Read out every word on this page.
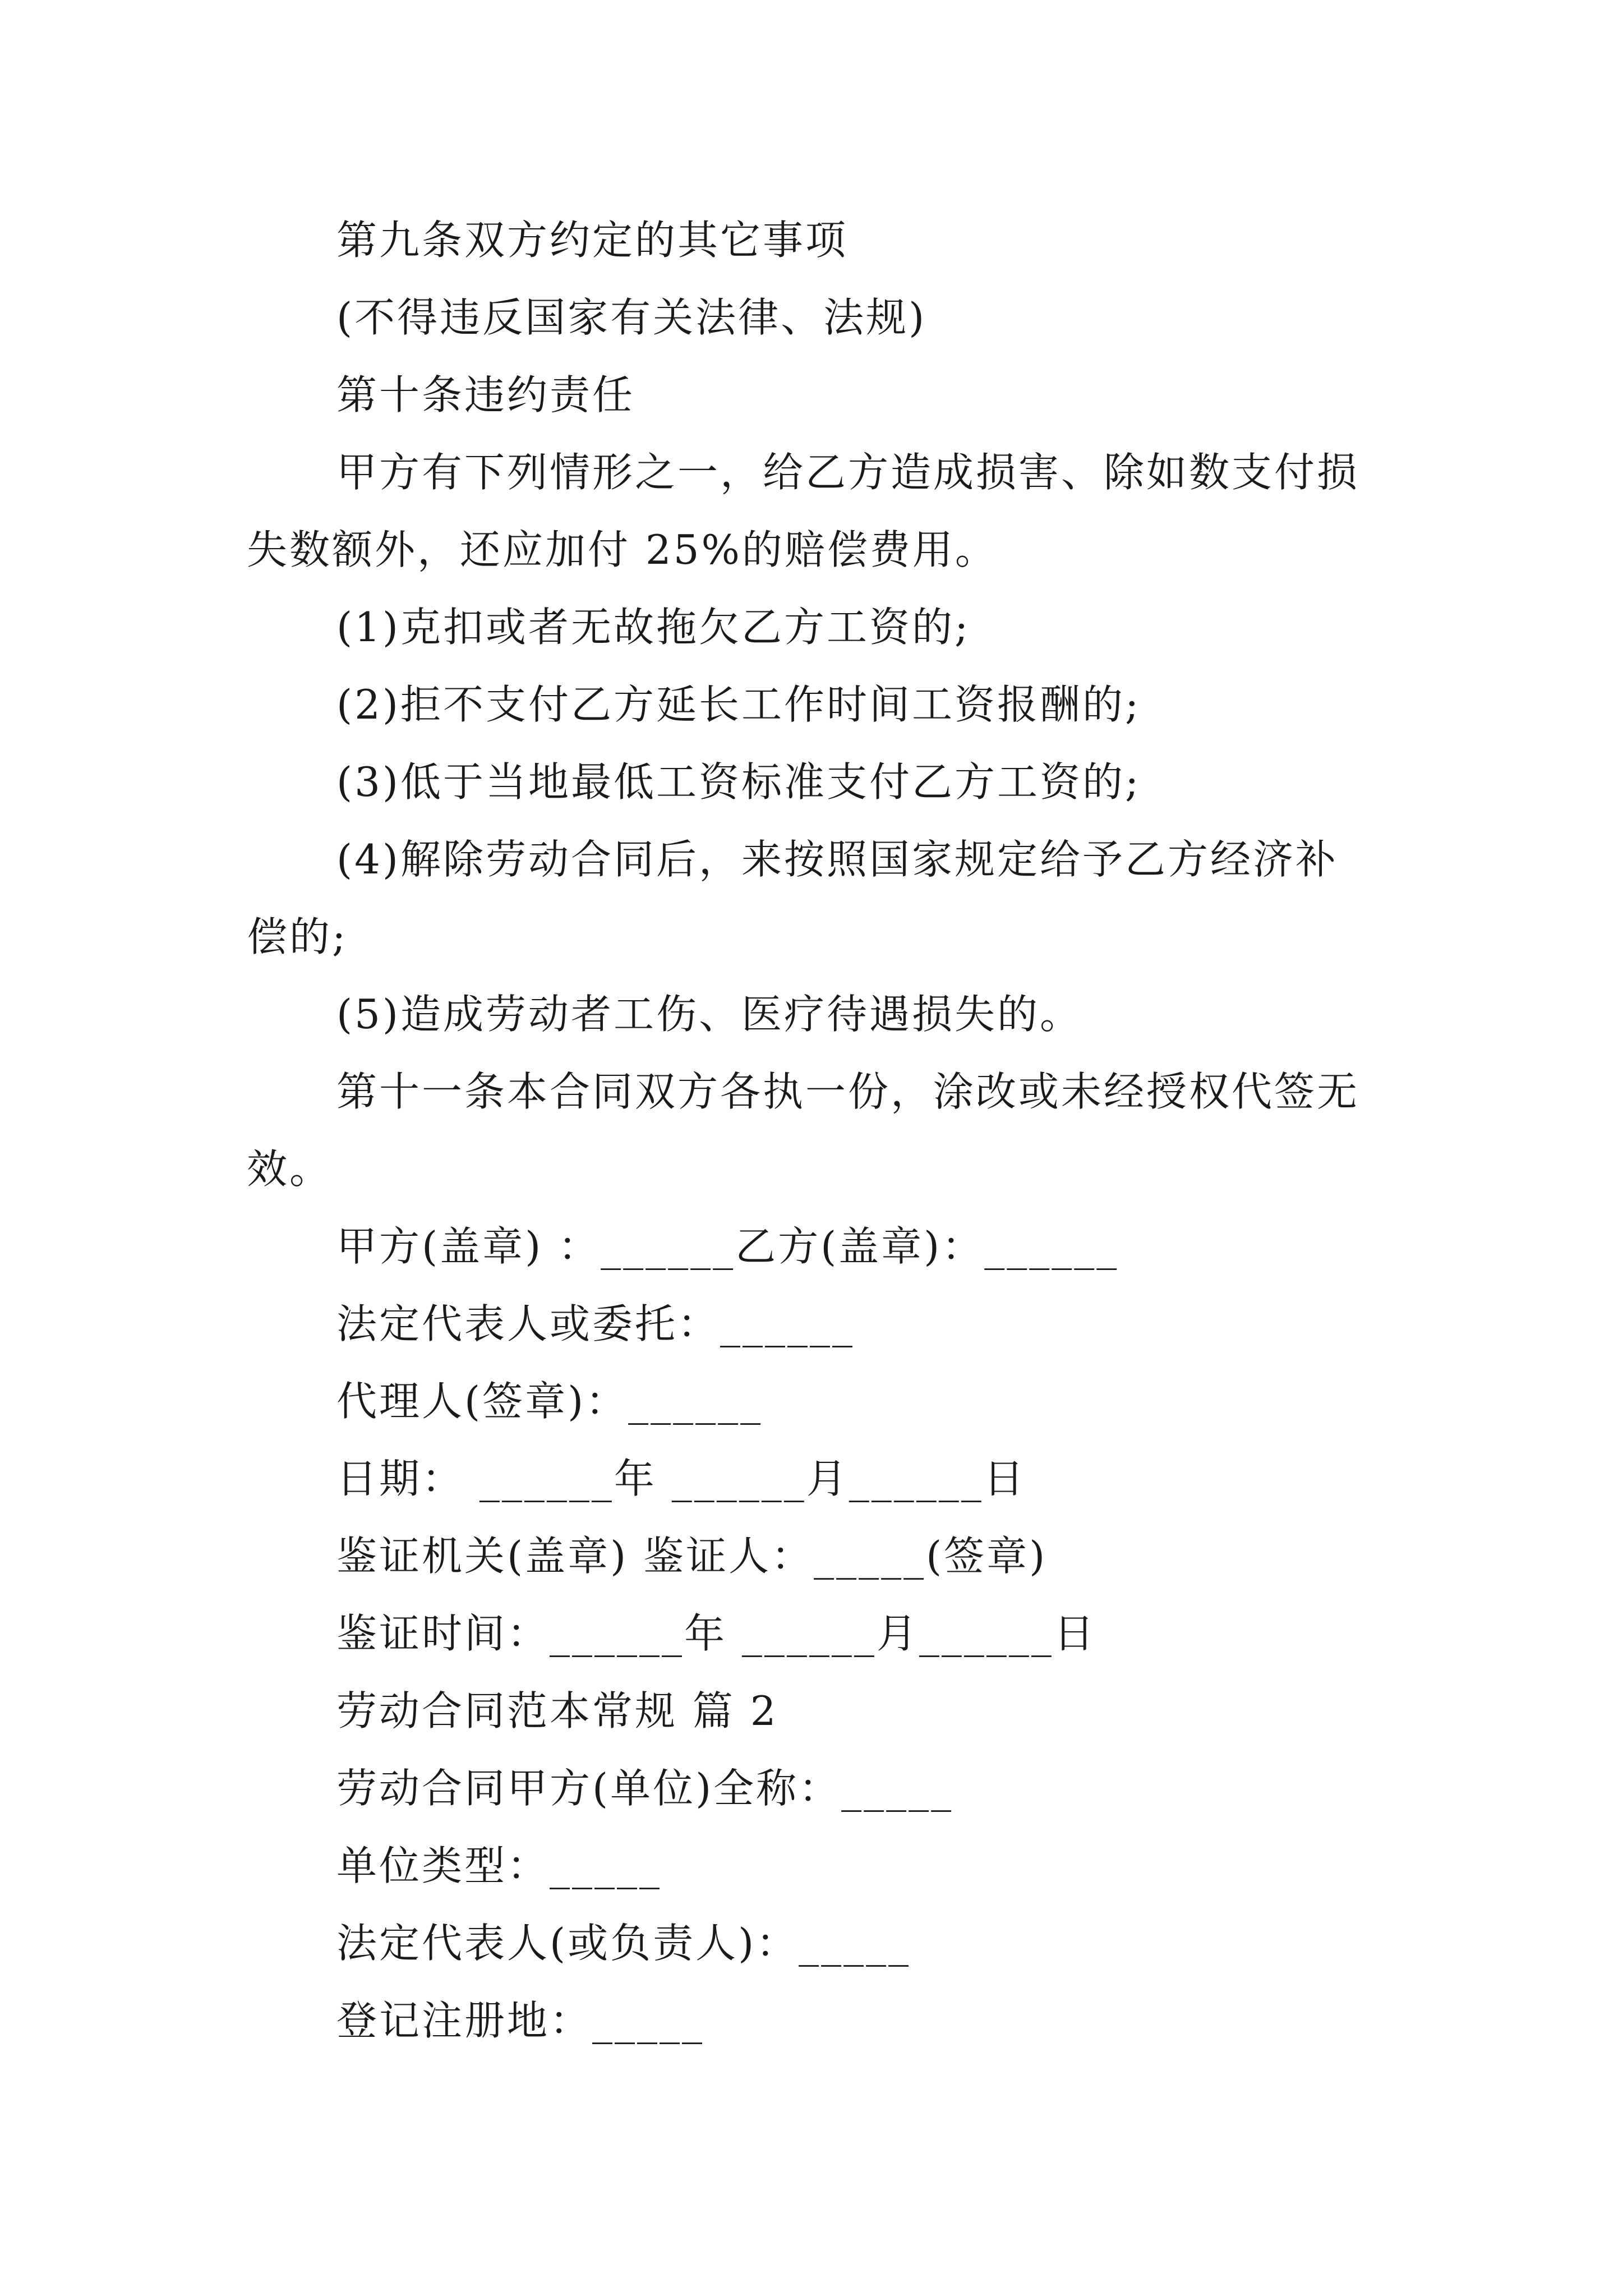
第九条双方约定的其它事项
(不得违反国家有关法律、法规)
第十条违约责任
甲方有下列情形之一，给乙方造成损害、除如数支付损
失数额外，还应加付 25%的赔偿费用。
(1)克扣或者无故拖欠乙方工资的;
(2)拒不支付乙方延长工作时间工资报酬的;
(3)低于当地最低工资标准支付乙方工资的;
(4)解除劳动合同后，来按照国家规定给予乙方经济补
偿的;
(5)造成劳动者工伤、医疗待遇损失的。
第十一条本合同双方各执一份，涂改或未经授权代签无
效。
甲方(盖章) ：______乙方(盖章)：______
法定代表人或委托：______
代理人(签章)：______
日期： ______年 ______月______日
鉴证机关(盖章) 鉴证人：_____(签章)
鉴证时间：______年 ______月______日
劳动合同范本常规 篇 2
劳动合同甲方(单位)全称：_____
单位类型：_____
法定代表人(或负责人)：_____
登记注册地：_____
